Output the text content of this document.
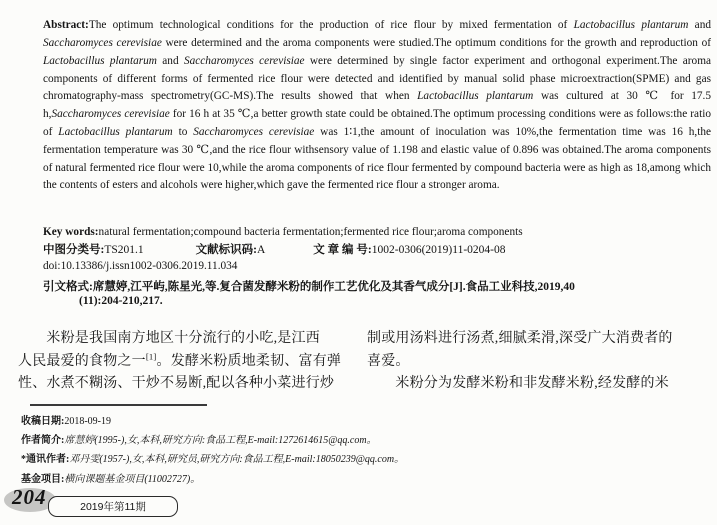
Abstract:The optimum technological conditions for the production of rice flour by mixed fermentation of Lactobacillus plantarum and Saccharomyces cerevisiae were determined and the aroma components were studied.The optimum conditions for the growth and reproduction of Lactobacillus plantarum and Saccharomyces cerevisiae were determined by single factor experiment and orthogonal experiment.The aroma components of different forms of fermented rice flour were detected and identified by manual solid phase microextraction(SPME) and gas chromatography-mass spectrometry(GC-MS).The results showed that when Lactobacillus plantarum was cultured at 30 ℃ for 17.5 h,Saccharomyces cerevisiae for 16 h at 35 ℃,a better growth state could be obtained.The optimum processing conditions were as follows:the ratio of Lactobacillus plantarum to Saccharomyces cerevisiae was 1∶1,the amount of inoculation was 10%,the fermentation time was 16 h,the fermentation temperature was 30 ℃,and the rice flour withsensory value of 1.198 and elastic value of 0.896 was obtained.The aroma components of natural fermented rice flour were 10,while the aroma components of rice flour fermented by compound bacteria were as high as 18,among which the contents of esters and alcohols were higher,which gave the fermented rice flour a stronger aroma.

Key words:natural fermentation;compound bacteria fermentation;fermented rice flour;aroma components
中图分类号:TS201.1	文献标识码:A	文 章 编 号:1002-0306(2019)11-0204-08
doi:10.13386/j.issn1002-0306.2019.11.034
引文格式:席慧婷,江平屿,陈星光,等.复合菌发酵米粉的制作工艺优化及其香气成分[J].食品工业科技,2019,40
(11):204-210,217.
　　米粉是我国南方地区十分流行的小吃,是江西
人民最爱的食物之一[1]。发酵米粉质地柔韧、富有弹
性、水煮不糊汤、干炒不易断,配以各种小菜进行炒
制或用汤料进行汤煮,细腻柔滑,深受广大消费者的
喜爱。
　　米粉分为发酵米粉和非发酵米粉,经发酵的米
收稿日期:2018-09-19
作者简介:席慧婷(1995-),女,本科,研究方向:食品工程,E-mail:1272614615@qq.com。
*通讯作者:邓丹雯(1957-),女,本科,研究员,研究方向:食品工程,E-mail:18050239@qq.com。
基金项目:横向课题基金项目(11002727)。
2019年第11期
204
